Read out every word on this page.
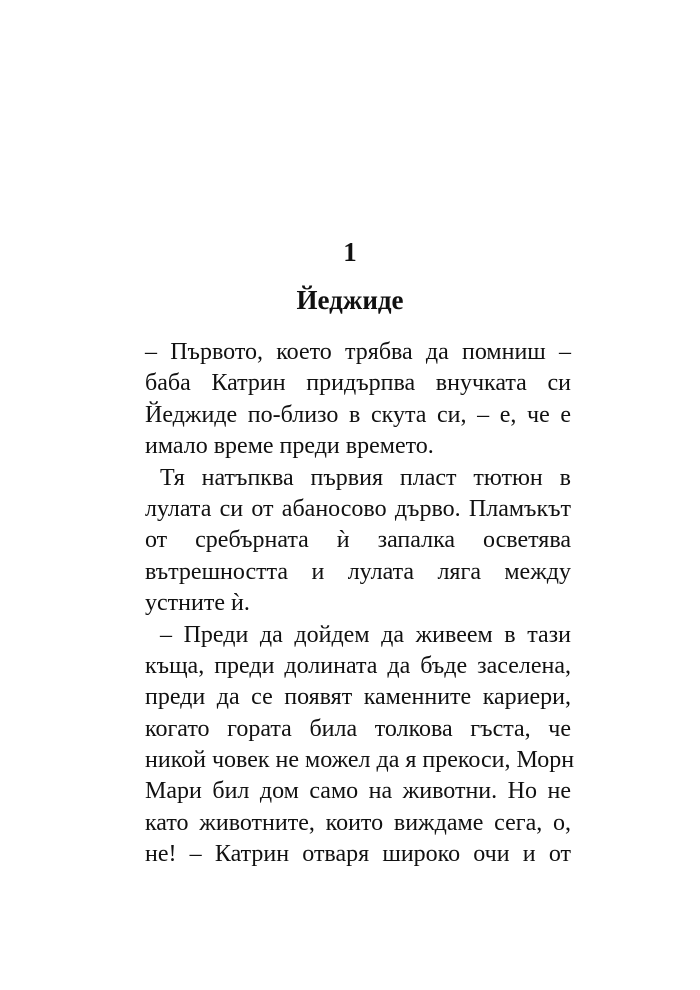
1
Йеджиде
– Първото, което трябва да помниш –
баба Катрин придърпва внучката си
Йеджиде по-близо в скута си, – е, че е
имало време преди времето.
Тя натъпква първия пласт тютюн в
лулата си от абаносово дърво. Пламъкът
от сребърната ѝ запалка осветява
вътрешността и лулата ляга между
устните ѝ.
– Преди да дойдем да живеем в тази
къща, преди долината да бъде заселена,
преди да се появят каменните кариери,
когато гората била толкова гъста, че
никой човек не можел да я прекоси, Морн
Мари бил дом само на животни. Но не
като животните, които виждаме сега, о,
не! – Катрин отваря широко очи и от
